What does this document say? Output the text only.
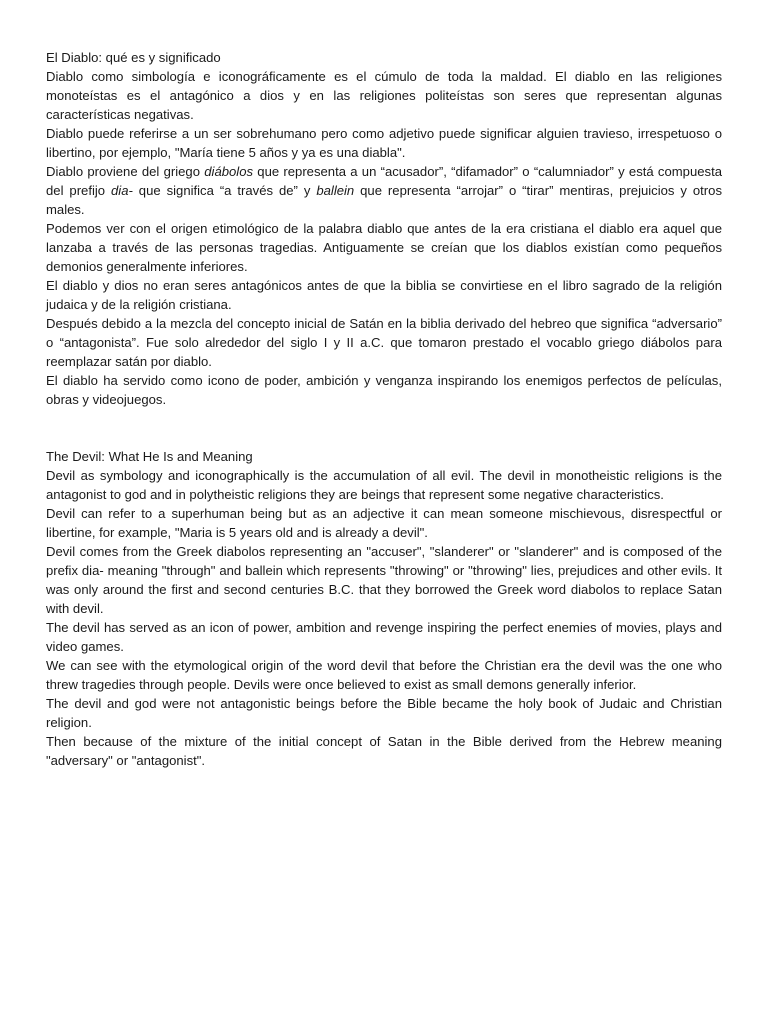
El Diablo: qué es y significado

Diablo como simbología e iconográficamente es el cúmulo de toda la maldad. El diablo en las religiones monoteístas es el antagónico a dios y en las religiones politeístas son seres que representan algunas características negativas.

Diablo puede referirse a un ser sobrehumano pero como adjetivo puede significar alguien travieso, irrespetuoso o libertino, por ejemplo, "María tiene 5 años y ya es una diabla".

Diablo proviene del griego diábolos que representa a un “acusador”, “difamador” o “calumniador” y está compuesta del prefijo dia- que significa “a través de” y ballein que representa “arrojar” o “tirar” mentiras, prejuicios y otros males.

Podemos ver con el origen etimológico de la palabra diablo que antes de la era cristiana el diablo era aquel que lanzaba a través de las personas tragedias. Antiguamente se creían que los diablos existían como pequeños demonios generalmente inferiores.

El diablo y dios no eran seres antagónicos antes de que la biblia se convirtiese en el libro sagrado de la religión judaica y de la religión cristiana.

Después debido a la mezcla del concepto inicial de Satán en la biblia derivado del hebreo que significa “adversario” o “antagonista”. Fue solo alrededor del siglo I y II a.C. que tomaron prestado el vocablo griego diábolos para reemplazar satán por diablo.

El diablo ha servido como icono de poder, ambición y venganza inspirando los enemigos perfectos de películas, obras y videojuegos.

The Devil: What He Is and Meaning

Devil as symbology and iconographically is the accumulation of all evil. The devil in monotheistic religions is the antagonist to god and in polytheistic religions they are beings that represent some negative characteristics.

Devil can refer to a superhuman being but as an adjective it can mean someone mischievous, disrespectful or libertine, for example, "Maria is 5 years old and is already a devil".

Devil comes from the Greek diabolos representing an "accuser", "slanderer" or "slanderer" and is composed of the prefix dia- meaning "through" and ballein which represents "throwing" or "throwing" lies, prejudices and other evils. It was only around the first and second centuries B.C. that they borrowed the Greek word diabolos to replace Satan with devil.

The devil has served as an icon of power, ambition and revenge inspiring the perfect enemies of movies, plays and video games.

We can see with the etymological origin of the word devil that before the Christian era the devil was the one who threw tragedies through people. Devils were once believed to exist as small demons generally inferior.

The devil and god were not antagonistic beings before the Bible became the holy book of Judaic and Christian religion.

Then because of the mixture of the initial concept of Satan in the Bible derived from the Hebrew meaning "adversary" or "antagonist".
